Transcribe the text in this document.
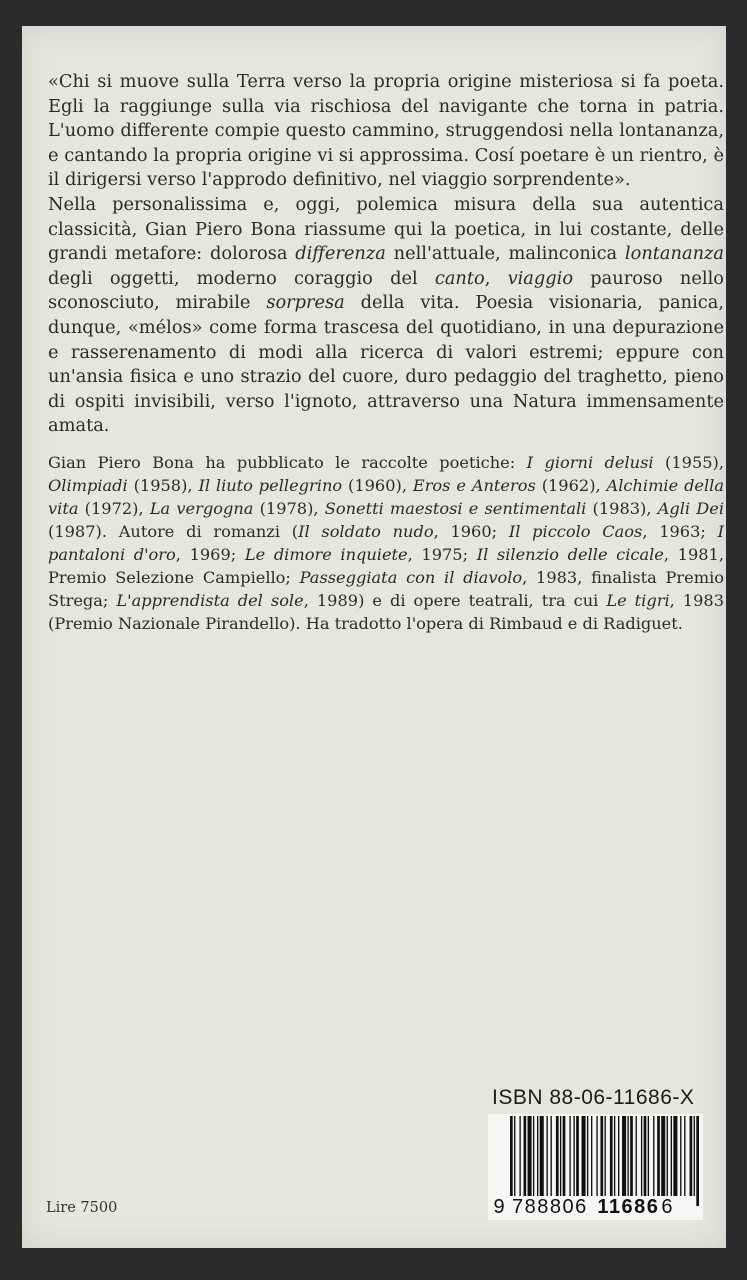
«Chi si muove sulla Terra verso la propria origine misteriosa si fa poeta. Egli la raggiunge sulla via rischiosa del navigante che torna in patria. L'uomo differente compie questo cammino, struggendosi nella lontananza, e cantando la propria origine vi si approssima. Cosí poetare è un rientro, è il dirigersi verso l'approdo definitivo, nel viaggio sorprendente».

Nella personalissima e, oggi, polemica misura della sua autentica classicità, Gian Piero Bona riassume qui la poetica, in lui costante, delle grandi metafore: dolorosa differenza nell'attuale, malinconica lontananza degli oggetti, moderno coraggio del canto, viaggio pauroso nello sconosciuto, mirabile sorpresa della vita. Poesia visionaria, panica, dunque, «mélos» come forma trascesa del quotidiano, in una depurazione e rasserenamento di modi alla ricerca di valori estremi; eppure con un'ansia fisica e uno strazio del cuore, duro pedaggio del traghetto, pieno di ospiti invisibili, verso l'ignoto, attraverso una Natura immensamente amata.

Gian Piero Bona ha pubblicato le raccolte poetiche: I giorni delusi (1955), Olimpiadi (1958), Il liuto pellegrino (1960), Eros e Anteros (1962), Alchimie della vita (1972), La vergogna (1978), Sonetti maestosi e sentimentali (1983), Agli Dei (1987). Autore di romanzi (Il soldato nudo, 1960; Il piccolo Caos, 1963; I pantaloni d'oro, 1969; Le dimore inquiete, 1975; Il silenzio delle cicale, 1981, Premio Selezione Campiello; Passeggiata con il diavolo, 1983, finalista Premio Strega; L'apprendista del sole, 1989) e di opere teatrali, tra cui Le tigri, 1983 (Premio Nazionale Pirandello). Ha tradotto l'opera di Rimbaud e di Radiguet.

ISBN 88-06-11686-X
9 788806 11686 6
Lire 7500
